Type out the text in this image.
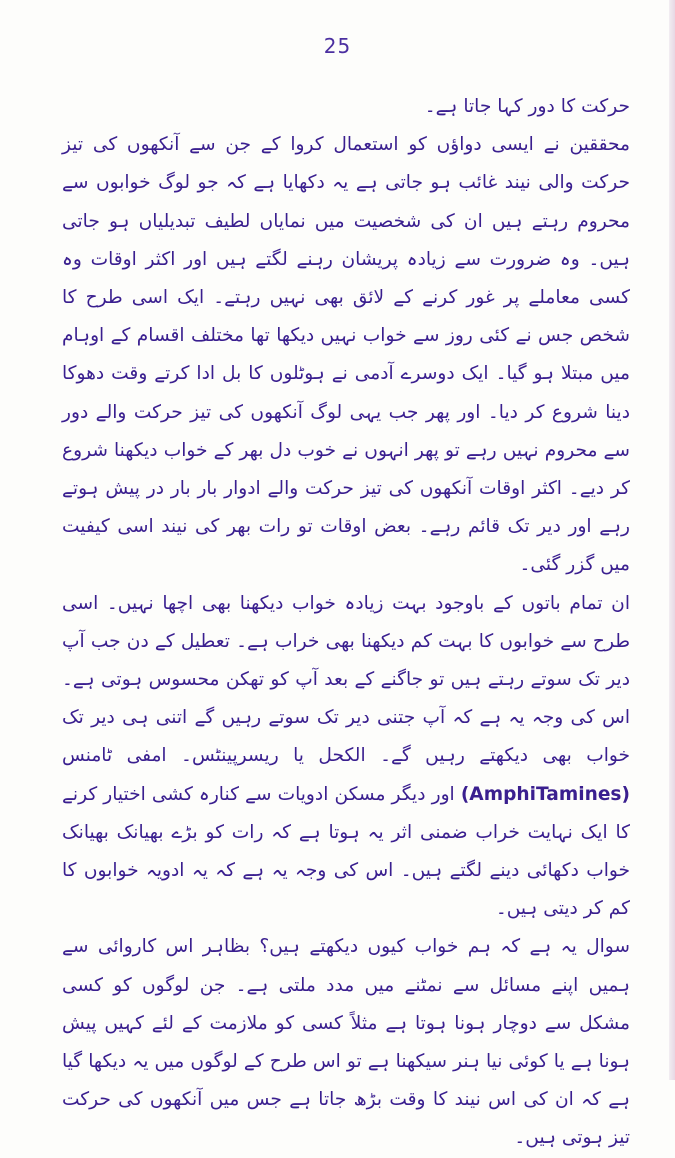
25

حرکت کا دور کہا جاتا ہے۔

محققین نے ایسی دواؤں کو استعمال کروا کے جن سے آنکھوں کی تیز حرکت والی نیند غائب ہو جاتی ہے یہ دکھایا ہے کہ جو لوگ خوابوں سے محروم رہتے ہیں ان کی شخصیت میں نمایاں لطیف تبدیلیاں ہو جاتی ہیں۔ وہ ضرورت سے زیادہ پریشان رہنے لگتے ہیں اور اکثر اوقات وہ کسی معاملے پر غور کرنے کے لائق بھی نہیں رہتے۔ ایک اسی طرح کا شخص جس نے کئی روز سے خواب نہیں دیکھا تھا مختلف اقسام کے اوہام میں مبتلا ہو گیا۔ ایک دوسرے آدمی نے ہوٹلوں کا بل ادا کرتے وقت دھوکا دینا شروع کر دیا۔ اور پھر جب یہی لوگ آنکھوں کی تیز حرکت والے دور سے محروم نہیں رہے تو پھر انہوں نے خوب دل بھر کے خواب دیکھنا شروع کر دیے۔ اکثر اوقات آنکھوں کی تیز حرکت والے ادوار بار بار در پیش ہوتے رہے اور دیر تک قائم رہے۔ بعض اوقات تو رات بھر کی نیند اسی کیفیت میں گزر گئی۔

ان تمام باتوں کے باوجود بہت زیادہ خواب دیکھنا بھی اچھا نہیں۔ اسی طرح سے خوابوں کا بہت کم دیکھنا بھی خراب ہے۔ تعطیل کے دن جب آپ دیر تک سوتے رہتے ہیں تو جاگنے کے بعد آپ کو تھکن محسوس ہوتی ہے۔ اس کی وجہ یہ ہے کہ آپ جتنی دیر تک سوتے رہیں گے اتنی ہی دیر تک خواب بھی دیکھتے رہیں گے۔ الکحل یا ریسرپینٹس۔ امفی ٹامنس (AmphiTamines) اور دیگر مسکن ادویات سے کنارہ کشی اختیار کرنے کا ایک نہایت خراب ضمنی اثر یہ ہوتا ہے کہ رات کو بڑے بھیانک بھیانک خواب دکھائی دینے لگتے ہیں۔ اس کی وجہ یہ ہے کہ یہ ادویہ خوابوں کا کم کر دیتی ہیں۔

سوال یہ ہے کہ ہم خواب کیوں دیکھتے ہیں؟ بظاہر اس کاروائی سے ہمیں اپنے مسائل سے نمٹنے میں مدد ملتی ہے۔ جن لوگوں کو کسی مشکل سے دوچار ہونا ہوتا ہے مثلاً کسی کو ملازمت کے لئے کہیں پیش ہونا ہے یا کوئی نیا ہنر سیکھنا ہے تو اس طرح کے لوگوں میں یہ دیکھا گیا ہے کہ ان کی اس نیند کا وقت بڑھ جاتا ہے جس میں آنکھوں کی حرکت تیز ہوتی ہیں۔
